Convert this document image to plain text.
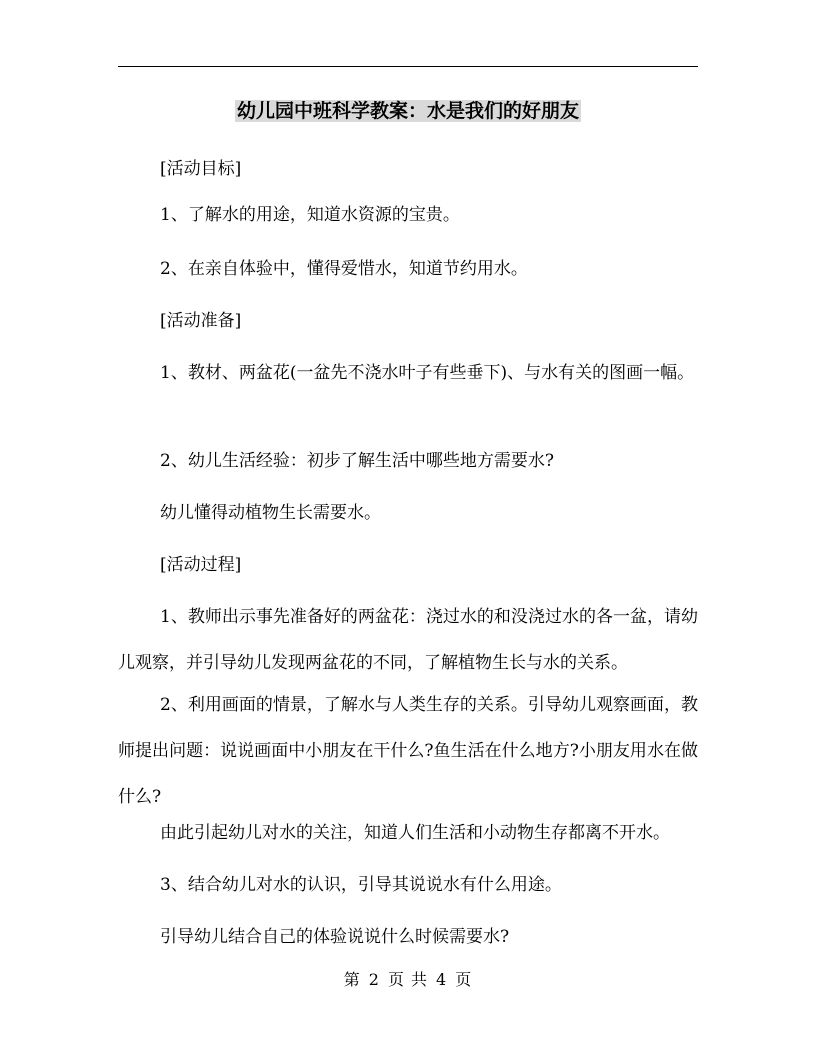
幼儿园中班科学教案：水是我们的好朋友

[活动目标]

1、了解水的用途，知道水资源的宝贵。

2、在亲自体验中，懂得爱惜水，知道节约用水。

[活动准备]

1、教材、两盆花(一盆先不浇水叶子有些垂下)、与水有关的图画一幅。

2、幼儿生活经验：初步了解生活中哪些地方需要水?

幼儿懂得动植物生长需要水。

[活动过程]

1、教师出示事先准备好的两盆花：浇过水的和没浇过水的各一盆，请幼儿观察，并引导幼儿发现两盆花的不同，了解植物生长与水的关系。

2、利用画面的情景，了解水与人类生存的关系。引导幼儿观察画面，教师提出问题：说说画面中小朋友在干什么?鱼生活在什么地方?小朋友用水在做什么?

由此引起幼儿对水的关注，知道人们生活和小动物生存都离不开水。

3、结合幼儿对水的认识，引导其说说水有什么用途。

引导幼儿结合自己的体验说说什么时候需要水?

第 2 页 共 4 页
